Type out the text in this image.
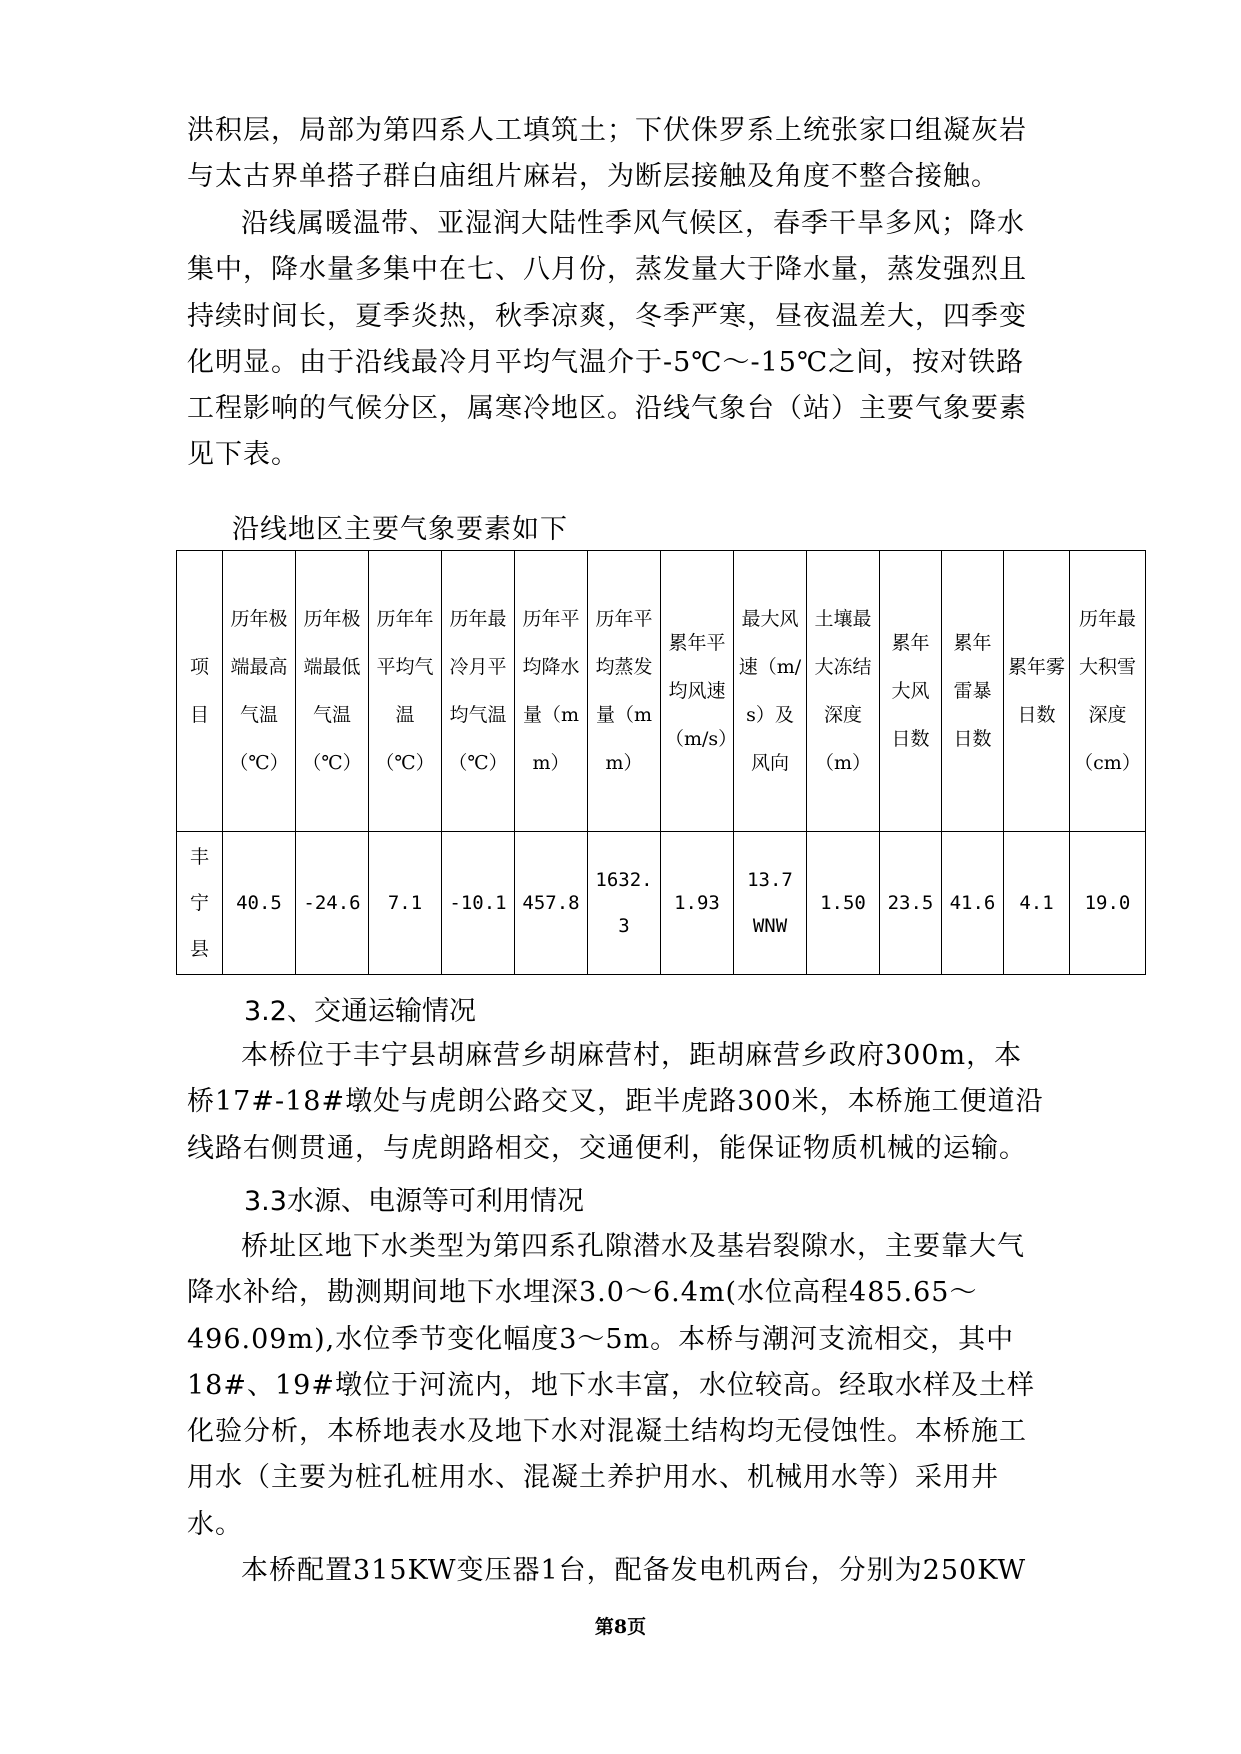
洪积层，局部为第四系人工填筑土；下伏侏罗系上统张家口组凝灰岩与太古界单搭子群白庙组片麻岩，为断层接触及角度不整合接触。

沿线属暖温带、亚湿润大陆性季风气候区，春季干旱多风；降水集中，降水量多集中在七、八月份，蒸发量大于降水量，蒸发强烈且持续时间长，夏季炎热，秋季凉爽，冬季严寒，昼夜温差大，四季变化明显。由于沿线最冷月平均气温介于-5℃～-15℃之间，按对铁路工程影响的气候分区，属寒冷地区。沿线气象台（站）主要气象要素见下表。

沿线地区主要气象要素如下

项目	历年极端最高气温（℃）	历年极端最低气温（℃）	历年年平均气温（℃）	历年最冷月平均气温（℃）	历年平均降水量（mm）	历年平均蒸发量（mm）	累年平均风速（m/s）	最大风速（m/s）及风向	土壤最大冻结深度（m）	累年大风日数	累年雷暴日数	累年雾日数	历年最大积雪深度（cm）
丰宁县	40.5	-24.6	7.1	-10.1	457.8	1632.3	1.93	13.7 WNW	1.50	23.5	41.6	4.1	19.0

3.2、交通运输情况

本桥位于丰宁县胡麻营乡胡麻营村，距胡麻营乡政府300m，本桥17#-18#墩处与虎朗公路交叉，距半虎路300米，本桥施工便道沿线路右侧贯通，与虎朗路相交，交通便利，能保证物质机械的运输。

3.3水源、电源等可利用情况

桥址区地下水类型为第四系孔隙潜水及基岩裂隙水，主要靠大气降水补给，勘测期间地下水埋深3.0～6.4m(水位高程485.65～496.09m),水位季节变化幅度3～5m。本桥与潮河支流相交，其中18#、19#墩位于河流内，地下水丰富，水位较高。经取水样及土样化验分析，本桥地表水及地下水对混凝土结构均无侵蚀性。本桥施工用水（主要为桩孔桩用水、混凝土养护用水、机械用水等）采用井水。

本桥配置315KW变压器1台，配备发电机两台，分别为250KW

第8页
